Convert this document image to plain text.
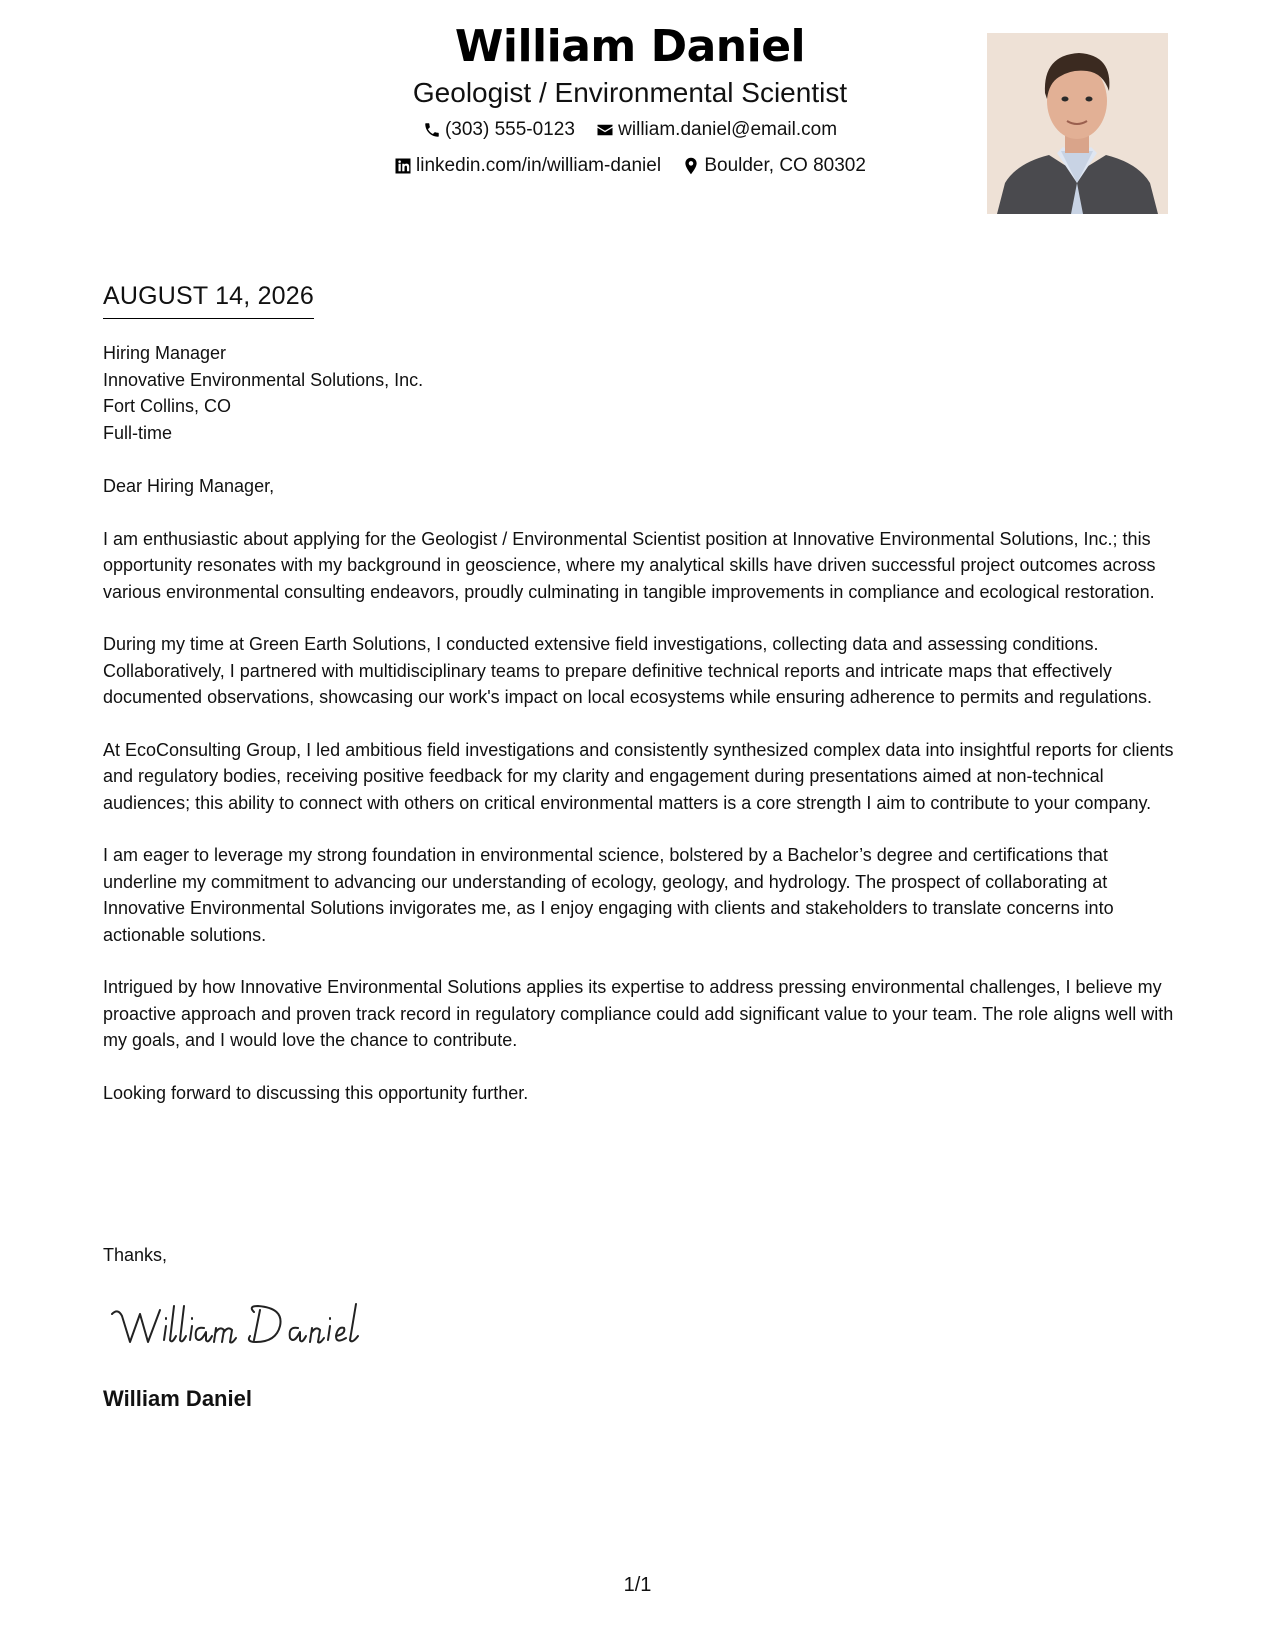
William Daniel
Geologist / Environmental Scientist
(303) 555-0123
william.daniel@email.com
linkedin.com/in/william-daniel
Boulder, CO 80302
AUGUST 14, 2026
Hiring Manager
Innovative Environmental Solutions, Inc.
Fort Collins, CO
Full-time
Dear Hiring Manager,
I am enthusiastic about applying for the Geologist / Environmental Scientist position at Innovative Environmental Solutions, Inc.; this opportunity resonates with my background in geoscience, where my analytical skills have driven successful project outcomes across various environmental consulting endeavors, proudly culminating in tangible improvements in compliance and ecological restoration.
During my time at Green Earth Solutions, I conducted extensive field investigations, collecting data and assessing conditions. Collaboratively, I partnered with multidisciplinary teams to prepare definitive technical reports and intricate maps that effectively documented observations, showcasing our work's impact on local ecosystems while ensuring adherence to permits and regulations.
At EcoConsulting Group, I led ambitious field investigations and consistently synthesized complex data into insightful reports for clients and regulatory bodies, receiving positive feedback for my clarity and engagement during presentations aimed at non-technical audiences; this ability to connect with others on critical environmental matters is a core strength I aim to contribute to your company.
I am eager to leverage my strong foundation in environmental science, bolstered by a Bachelor’s degree and certifications that underline my commitment to advancing our understanding of ecology, geology, and hydrology. The prospect of collaborating at Innovative Environmental Solutions invigorates me, as I enjoy engaging with clients and stakeholders to translate concerns into actionable solutions.
Intrigued by how Innovative Environmental Solutions applies its expertise to address pressing environmental challenges, I believe my proactive approach and proven track record in regulatory compliance could add significant value to your team. The role aligns well with my goals, and I would love the chance to contribute.
Looking forward to discussing this opportunity further.
Thanks,
William Daniel
1/1
